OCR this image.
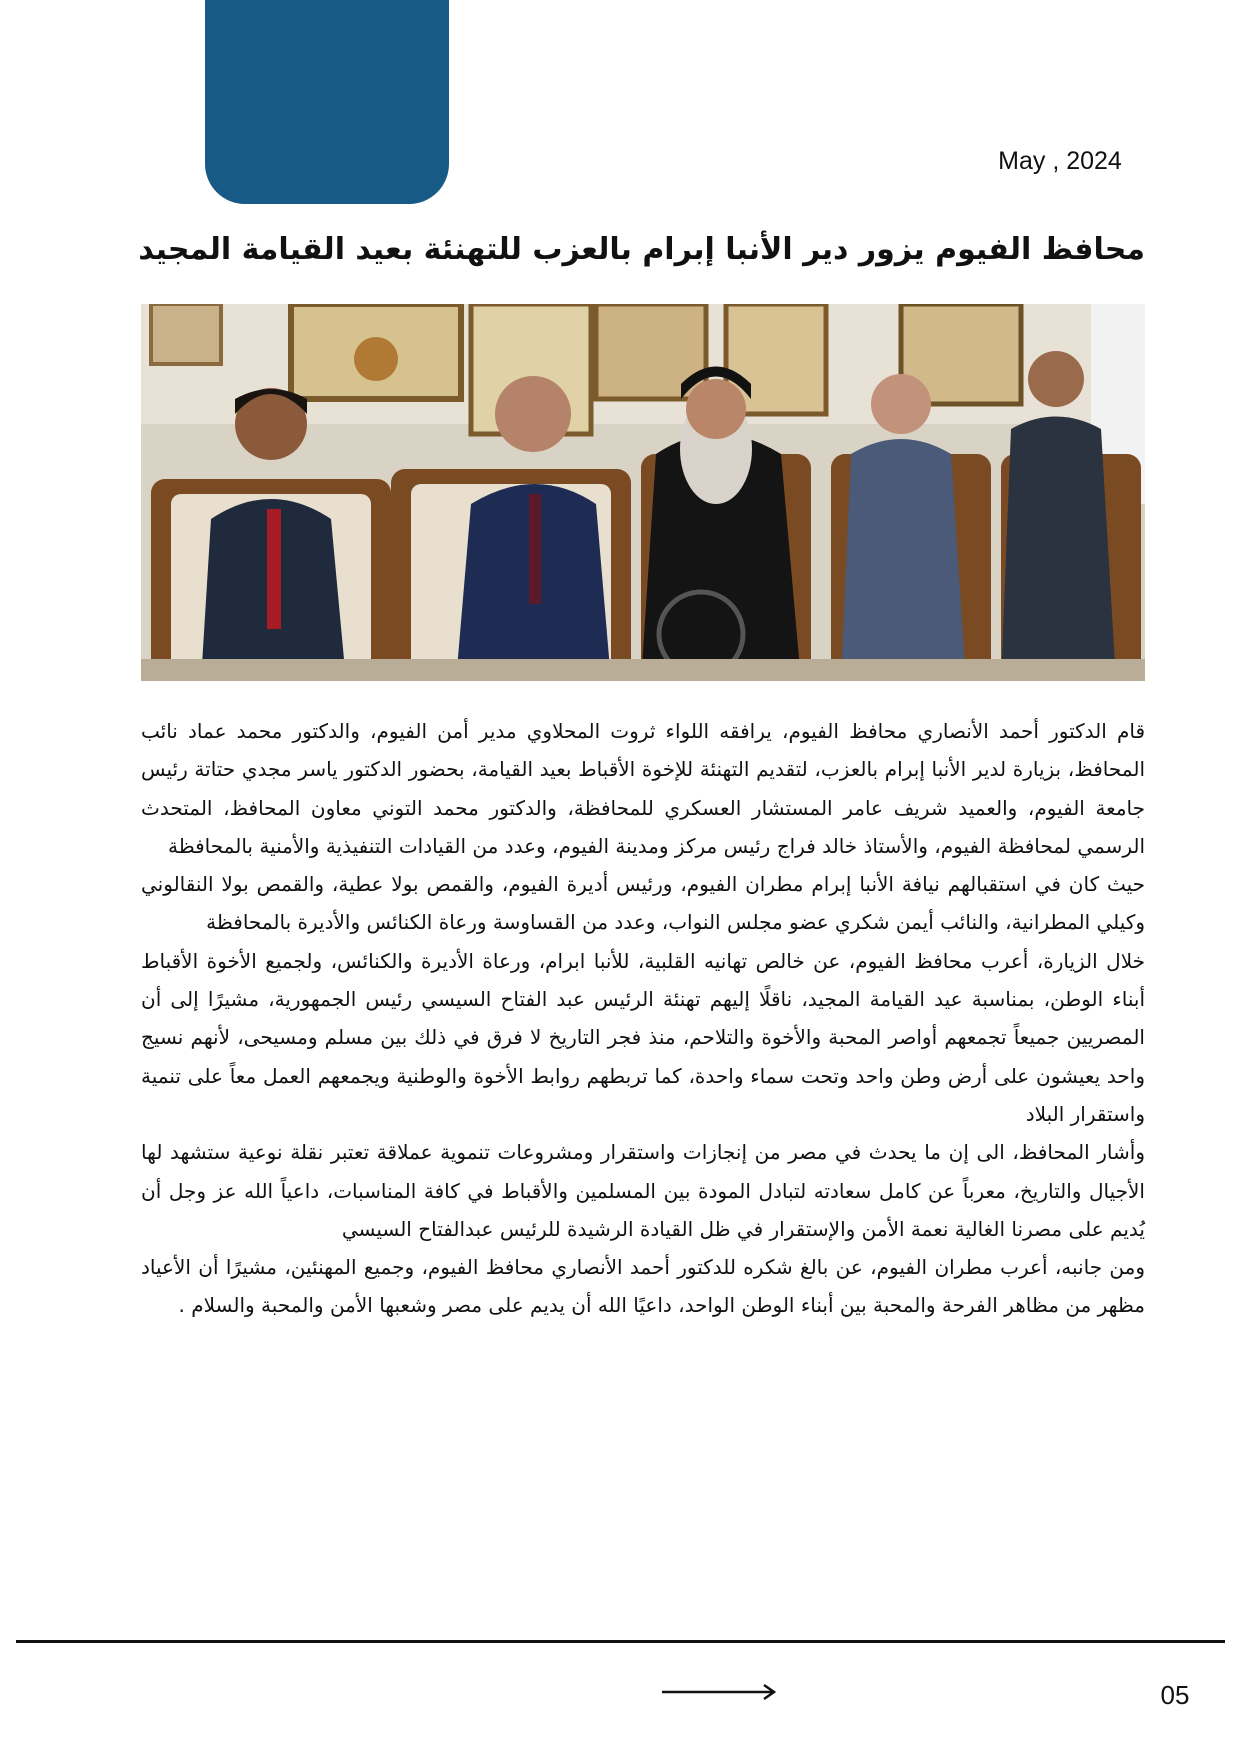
May , 2024
محافظ الفيوم يزور دير الأنبا إبرام بالعزب للتهنئة بعيد القيامة المجيد

قام الدكتور أحمد الأنصاري محافظ الفيوم، يرافقه اللواء ثروت المحلاوي مدير أمن الفيوم، والدكتور محمد عماد نائب المحافظ، بزيارة لدير الأنبا إبرام بالعزب، لتقديم التهنئة للإخوة الأقباط بعيد القيامة، بحضور الدكتور ياسر مجدي حتاتة رئيس جامعة الفيوم، والعميد شريف عامر المستشار العسكري للمحافظة، والدكتور محمد التوني معاون المحافظ، المتحدث الرسمي لمحافظة الفيوم، والأستاذ خالد فراج رئيس مركز ومدينة الفيوم، وعدد من القيادات التنفيذية والأمنية بالمحافظة

حيث كان في استقبالهم نيافة الأنبا إبرام مطران الفيوم، ورئيس أديرة الفيوم، والقمص بولا عطية، والقمص بولا النقالوني وكيلي المطرانية، والنائب أيمن شكري عضو مجلس النواب، وعدد من القساوسة ورعاة الكنائس والأديرة بالمحافظة

خلال الزيارة، أعرب محافظ الفيوم، عن خالص تهانيه القلبية، للأنبا ابرام، ورعاة الأديرة والكنائس، ولجميع الأخوة الأقباط أبناء الوطن، بمناسبة عيد القيامة المجيد، ناقلًا إليهم تهنئة الرئيس عبد الفتاح السيسي رئيس الجمهورية، مشيرًا إلى أن المصريين جميعاً تجمعهم أواصر المحبة والأخوة والتلاحم، منذ فجر التاريخ لا فرق في ذلك بين مسلم ومسيحى، لأنهم نسيج واحد يعيشون على أرض وطن واحد وتحت سماء واحدة، كما تربطهم روابط الأخوة والوطنية ويجمعهم العمل معاً على تنمية واستقرار البلاد

وأشار المحافظ، الى إن ما يحدث في مصر من إنجازات واستقرار ومشروعات تنموية عملاقة تعتبر نقلة نوعية ستشهد لها الأجيال والتاريخ، معرباً عن كامل سعادته لتبادل المودة بين المسلمين والأقباط في كافة المناسبات، داعياً الله عز وجل أن يُديم على مصرنا الغالية نعمة الأمن والإستقرار في ظل القيادة الرشيدة للرئيس عبدالفتاح السيسي

ومن جانبه، أعرب مطران الفيوم، عن بالغ شكره للدكتور أحمد الأنصاري محافظ الفيوم، وجميع المهنئين، مشيرًا أن الأعياد مظهر من مظاهر الفرحة والمحبة بين أبناء الوطن الواحد، داعيًا الله أن يديم على مصر وشعبها الأمن والمحبة والسلام .

05
